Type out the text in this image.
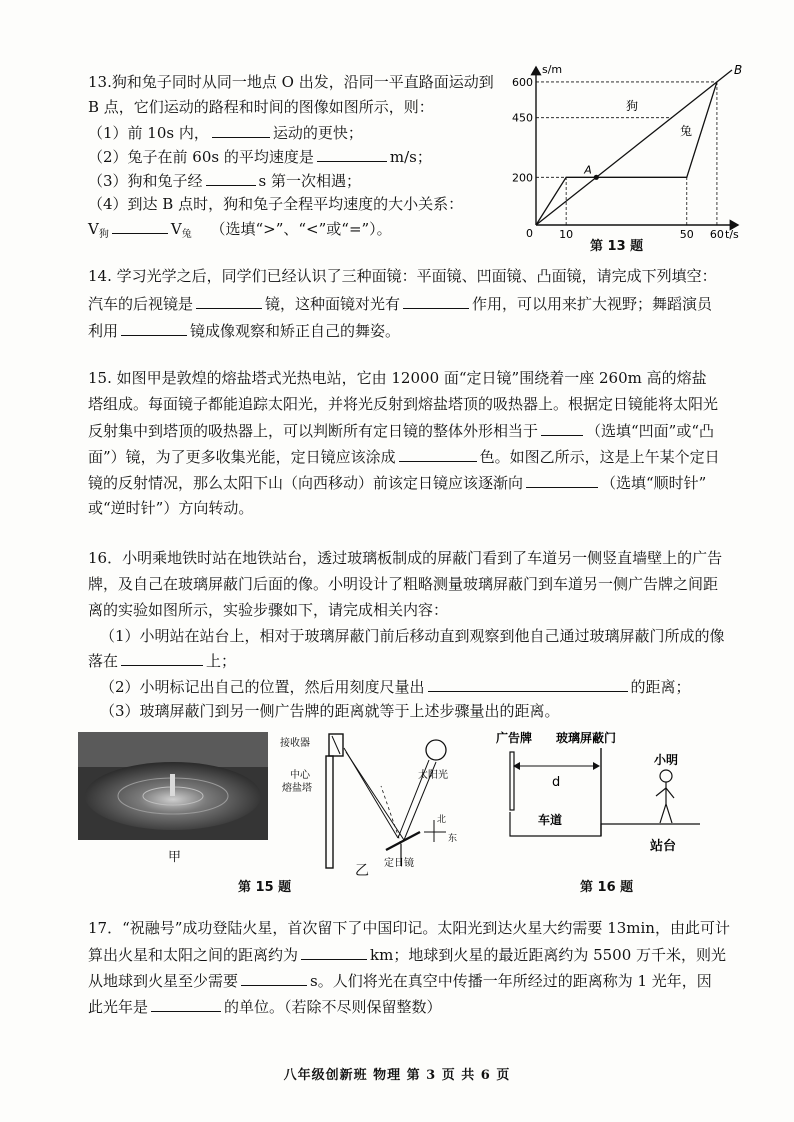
13.狗和兔子同时从同一地点 O 出发，沿同一平直路面运动到
B 点，它们运动的路程和时间的图像如图所示，则：
（1）前 10s 内，	运动的更快；
（2）兔子在前 60s 的平均速度是	m/s；
（3）狗和兔子经	s 第一次相遇；
（4）到达 B 点时，狗和兔子全程平均速度的大小关系：
$V_狗$	$V_兔$ （选填“>”、“<”或“=”）。
s/m
t/s
0
600
450
200
10	50 60
A
B
狗
兔
第 13 题
14. 学习光学之后，同学们已经认识了三种面镜：平面镜、凹面镜、凸面镜，请完成下列填空：
汽车的后视镜是	镜，这种面镜对光有	作用，可以用来扩大视野；舞蹈演员
利用	镜成像观察和矫正自己的舞姿。
15. 如图甲是敦煌的熔盐塔式光热电站，它由 12000 面“定日镜”围绕着一座 260m 高的熔盐
塔组成。每面镜子都能追踪太阳光，并将光反射到熔盐塔顶的吸热器上。根据定日镜能将太阳光
反射集中到塔顶的吸热器上，可以判断所有定日镜的整体外形相当于	（选填“凹面”或“凸
面”）镜，为了更多收集光能，定日镜应该涂成	色。如图乙所示，这是上午某个定日
镜的反射情况，那么太阳下山（向西移动）前该定日镜应该逐渐向	（选填“顺时针”
或“逆时针”）方向转动。
16．小明乘地铁时站在地铁站台，透过玻璃板制成的屏蔽门看到了车道另一侧竖直墙壁上的广告
牌，及自己在玻璃屏蔽门后面的像。小明设计了粗略测量玻璃屏蔽门到车道另一侧广告牌之间距
离的实验如图所示，实验步骤如下，请完成相关内容：
（1）小明站在站台上，相对于玻璃屏蔽门前后移动直到观察到他自己通过玻璃屏蔽门所成的像
落在	上；
（2）小明标记出自己的位置，然后用刻度尺量出	的距离；
（3）玻璃屏蔽门到另一侧广告牌的距离就等于上述步骤量出的距离。
甲
接收器
中心
熔盐塔
太阳光
定日镜
北
东
乙
第 15 题
广告牌 玻璃屏蔽门
d
车道
小明
站台
第 16 题
17．“祝融号”成功登陆火星，首次留下了中国印记。太阳光到达火星大约需要 13min，由此可计
算出火星和太阳之间的距离约为	km；地球到火星的最近距离约为 5500 万千米，则光
从地球到火星至少需要	s。人们将光在真空中传播一年所经过的距离称为 1 光年，因
此光年是	的单位。（若除不尽则保留整数）
八年级创新班 物理 第 3 页 共 6 页
